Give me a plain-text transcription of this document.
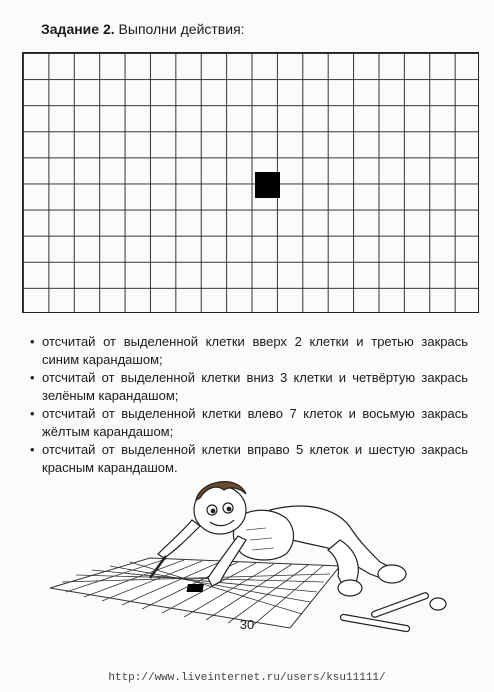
Задание 2. Выполни действия:
• отсчитай от выделенной клетки вверх 2 клетки и третью закрась синим карандашом;
• отсчитай от выделенной клетки вниз 3 клетки и четвёртую закрась зелёным карандашом;
• отсчитай от выделенной клетки влево 7 клеток и восьмую закрась жёлтым карандашом;
• отсчитай от выделенной клетки вправо 5 клеток и шестую закрась красным карандашом.
30
http://www.liveinternet.ru/users/ksu11111/
